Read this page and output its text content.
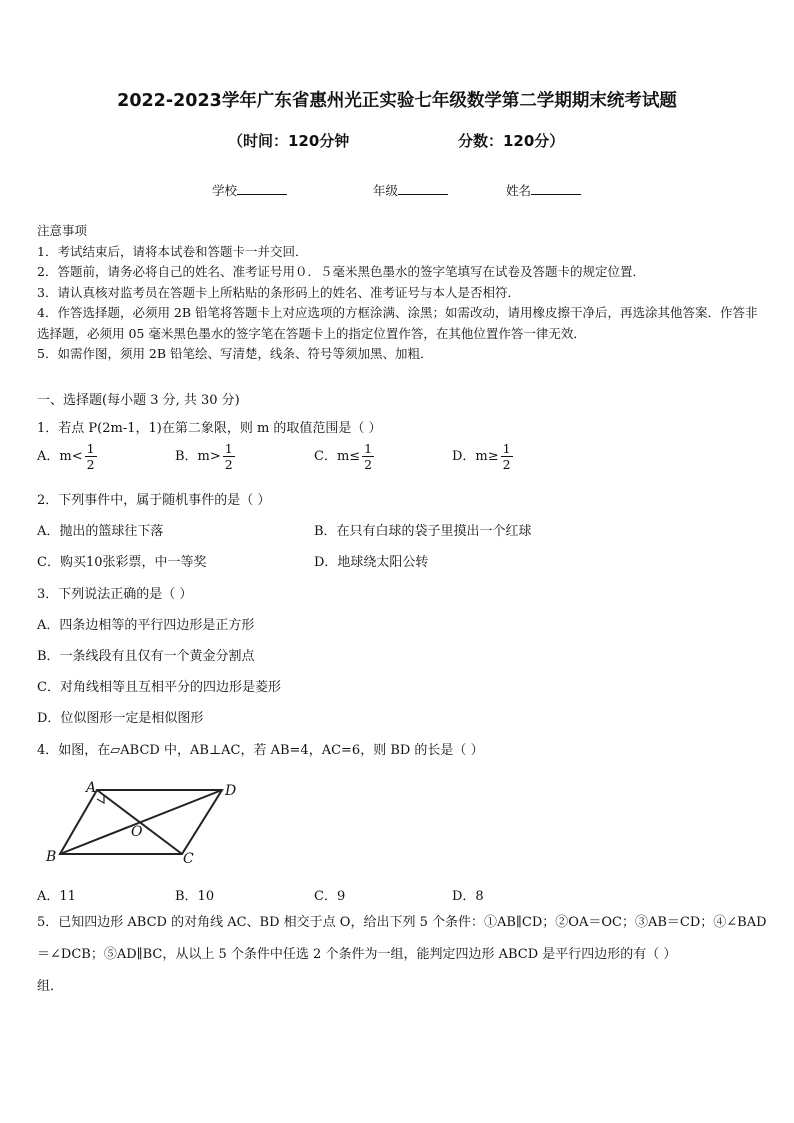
2022-2023学年广东省惠州光正实验七年级数学第二学期期末统考试题
（时间：120分钟	分数：120分）
学校	年级	姓名
注意事项
1．考试结束后，请将本试卷和答题卡一并交回．
2．答题前，请务必将自己的姓名、准考证号用０．５毫米黑色墨水的签字笔填写在试卷及答题卡的规定位置．
3．请认真核对监考员在答题卡上所粘贴的条形码上的姓名、准考证号与本人是否相符．
4．作答选择题，必须用 2B 铅笔将答题卡上对应选项的方框涂满、涂黑；如需改动，请用橡皮擦干净后，再选涂其他答案．作答非选择题，必须用 05 毫米黑色墨水的签字笔在答题卡上的指定位置作答，在其他位置作答一律无效．
5．如需作图，须用 2B 铅笔绘、写清楚，线条、符号等须加黑、加粗．
一、选择题(每小题 3 分, 共 30 分)
1．若点 P(2m-1，1)在第二象限，则 m 的取值范围是（ ）
A．$m< \frac{1}{2}$	B．$m> \frac{1}{2}$	C．$m\le \frac{1}{2}$	D．$m\ge \frac{1}{2}$
2．下列事件中，属于随机事件的是（ ）
A．抛出的篮球往下落	B．在只有白球的袋子里摸出一个红球
C．购买10张彩票，中一等奖	D．地球绕太阳公转
3．下列说法正确的是（ ）
A．四条边相等的平行四边形是正方形
B．一条线段有且仅有一个黄金分割点
C．对角线相等且互相平分的四边形是菱形
D．位似图形一定是相似图形
4．如图，在▱ABCD 中，AB⊥AC，若 AB=4，AC=6，则 BD 的长是（ ）
A	D
B	C
O
A．11	B．10	C．9	D．8
5．已知四边形 ABCD 的对角线 AC、BD 相交于点 O，给出下列 5 个条件：①AB∥CD；②OA＝OC；③AB＝CD；④∠BAD
＝∠DCB；⑤AD∥BC，从以上 5 个条件中任选 2 个条件为一组，能判定四边形 ABCD 是平行四边形的有（ ）
组．
